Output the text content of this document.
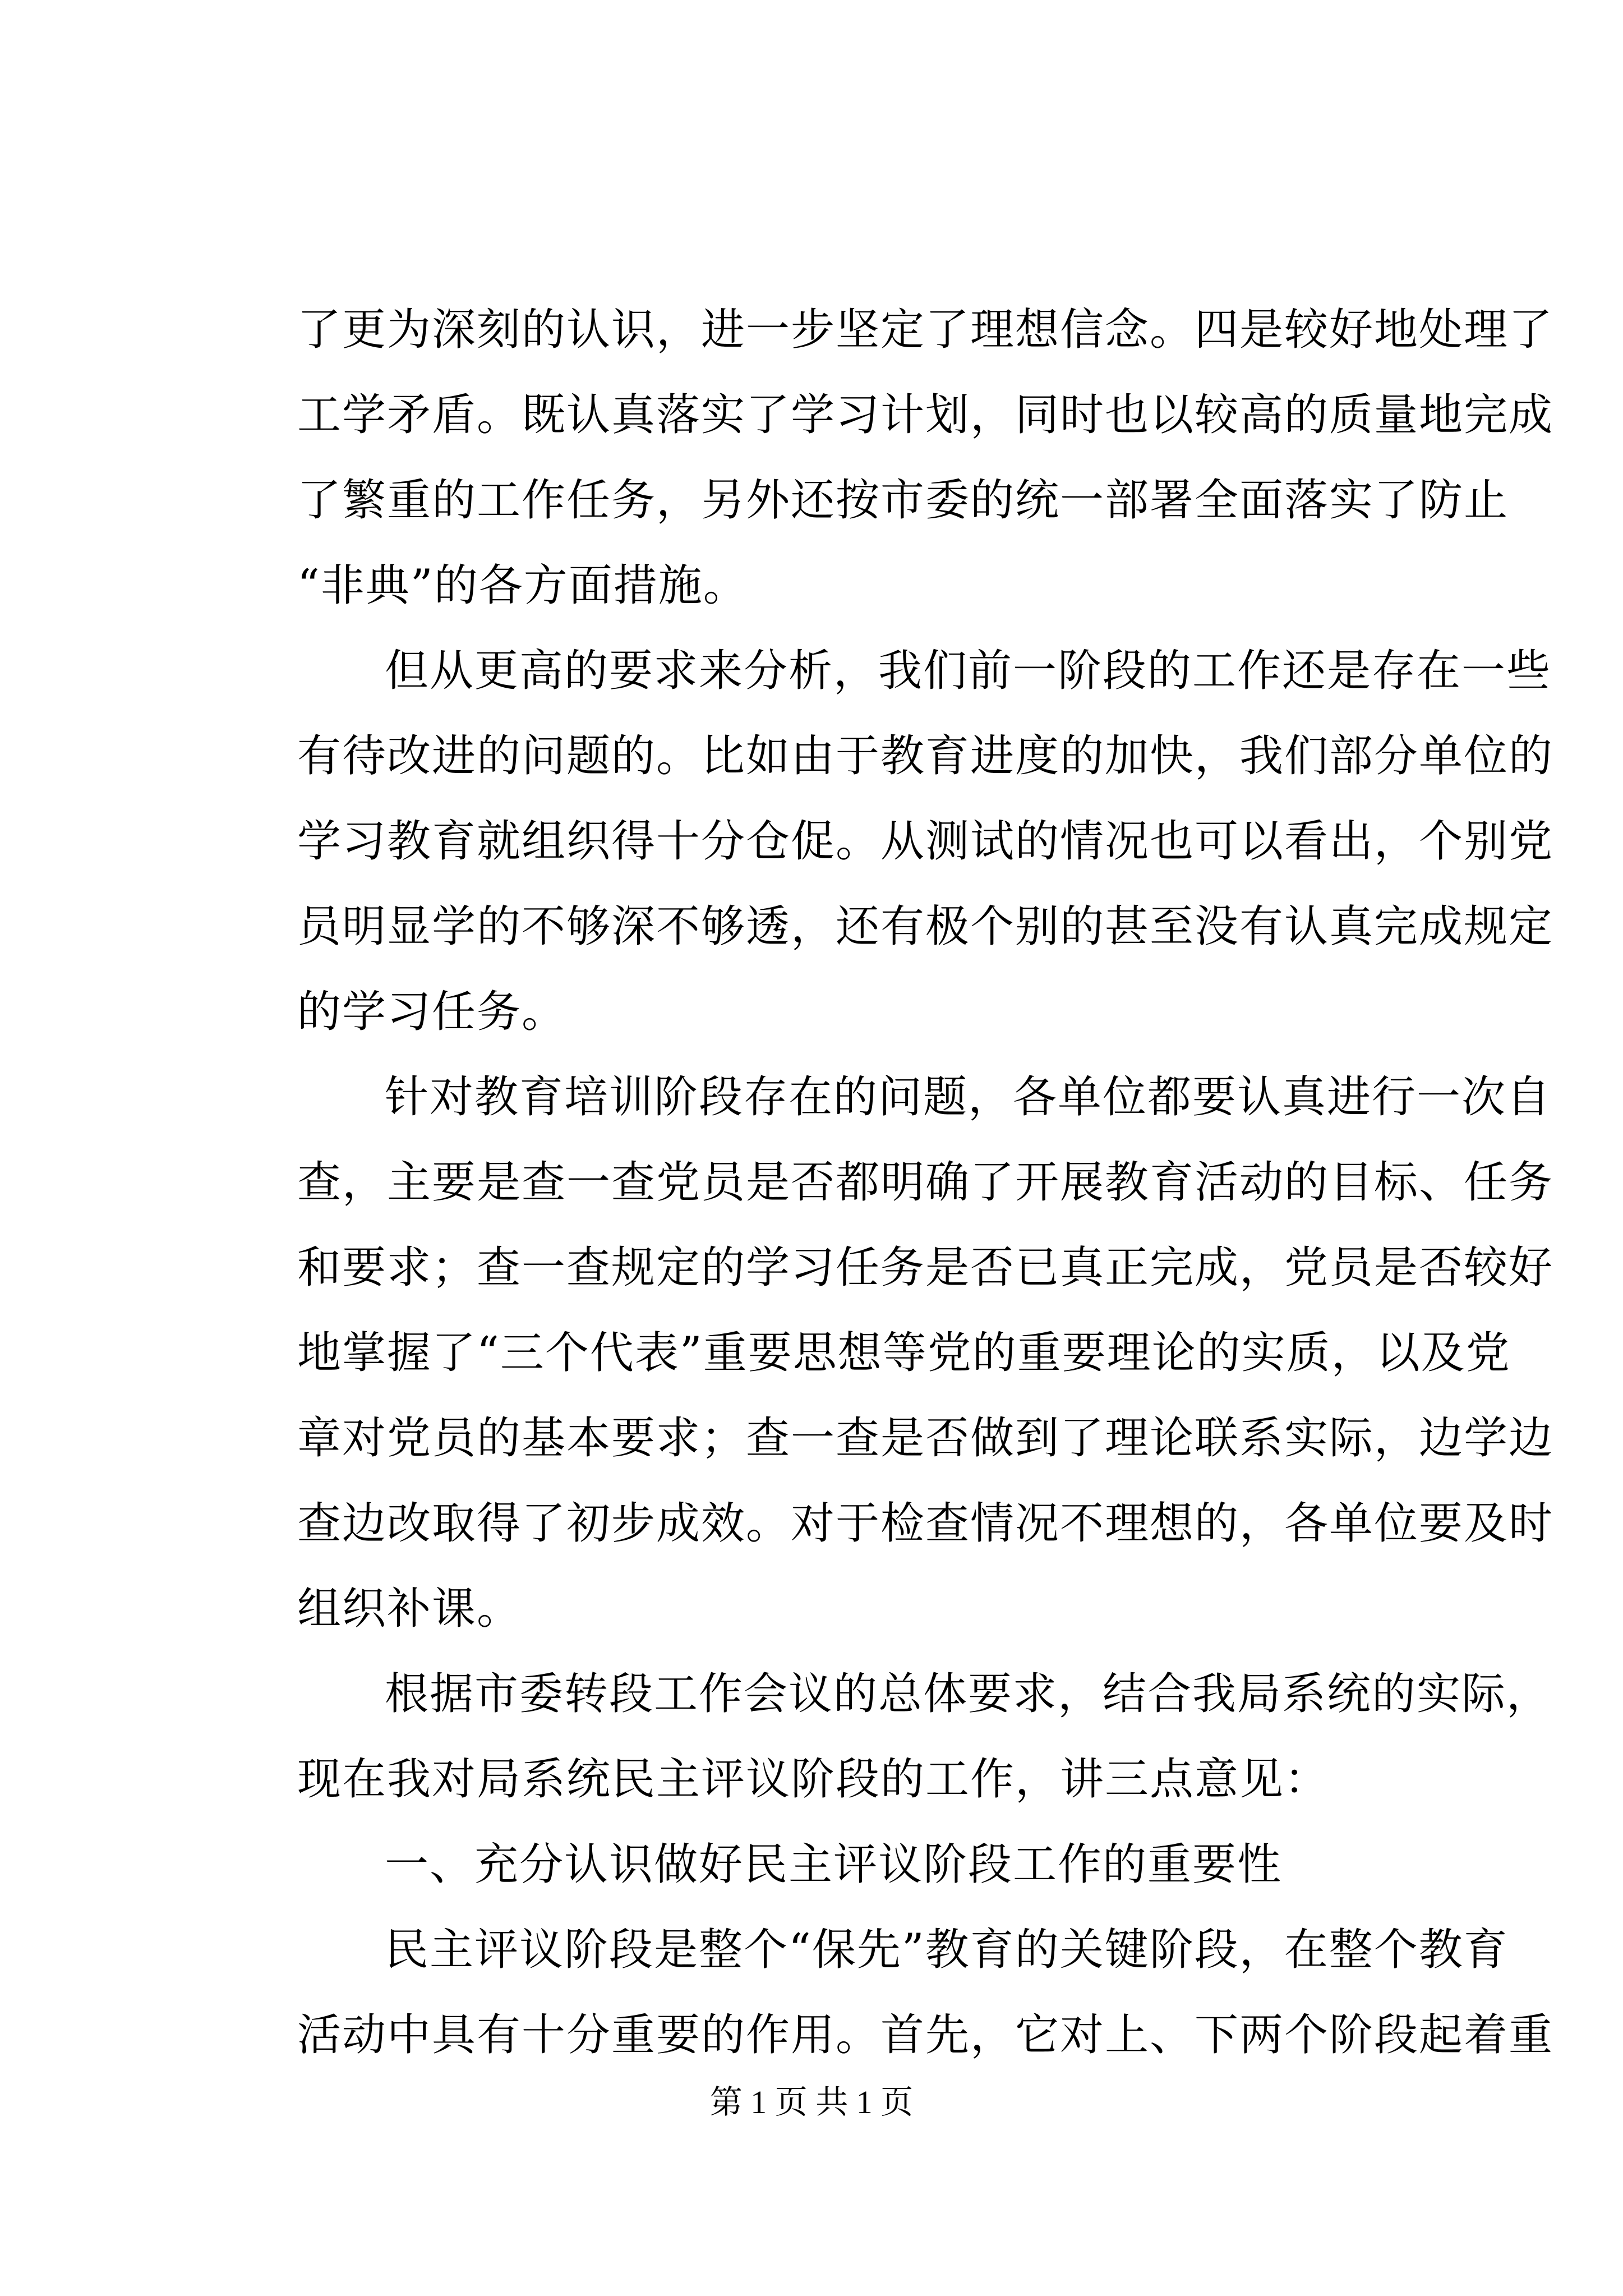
了更为深刻的认识，进一步坚定了理想信念。四是较好地处理了
工学矛盾。既认真落实了学习计划，同时也以较高的质量地完成
了繁重的工作任务，另外还按市委的统一部署全面落实了防止
“非典”的各方面措施。
但从更高的要求来分析，我们前一阶段的工作还是存在一些
有待改进的问题的。比如由于教育进度的加快，我们部分单位的
学习教育就组织得十分仓促。从测试的情况也可以看出，个别党
员明显学的不够深不够透，还有极个别的甚至没有认真完成规定
的学习任务。
针对教育培训阶段存在的问题，各单位都要认真进行一次自
查，主要是查一查党员是否都明确了开展教育活动的目标、任务
和要求；查一查规定的学习任务是否已真正完成，党员是否较好
地掌握了“三个代表”重要思想等党的重要理论的实质，以及党
章对党员的基本要求；查一查是否做到了理论联系实际，边学边
查边改取得了初步成效。对于检查情况不理想的，各单位要及时
组织补课。
根据市委转段工作会议的总体要求，结合我局系统的实际，
现在我对局系统民主评议阶段的工作，讲三点意见：
一、充分认识做好民主评议阶段工作的重要性
民主评议阶段是整个“保先”教育的关键阶段，在整个教育
活动中具有十分重要的作用。首先，它对上、下两个阶段起着重
第 1 页 共 1 页
